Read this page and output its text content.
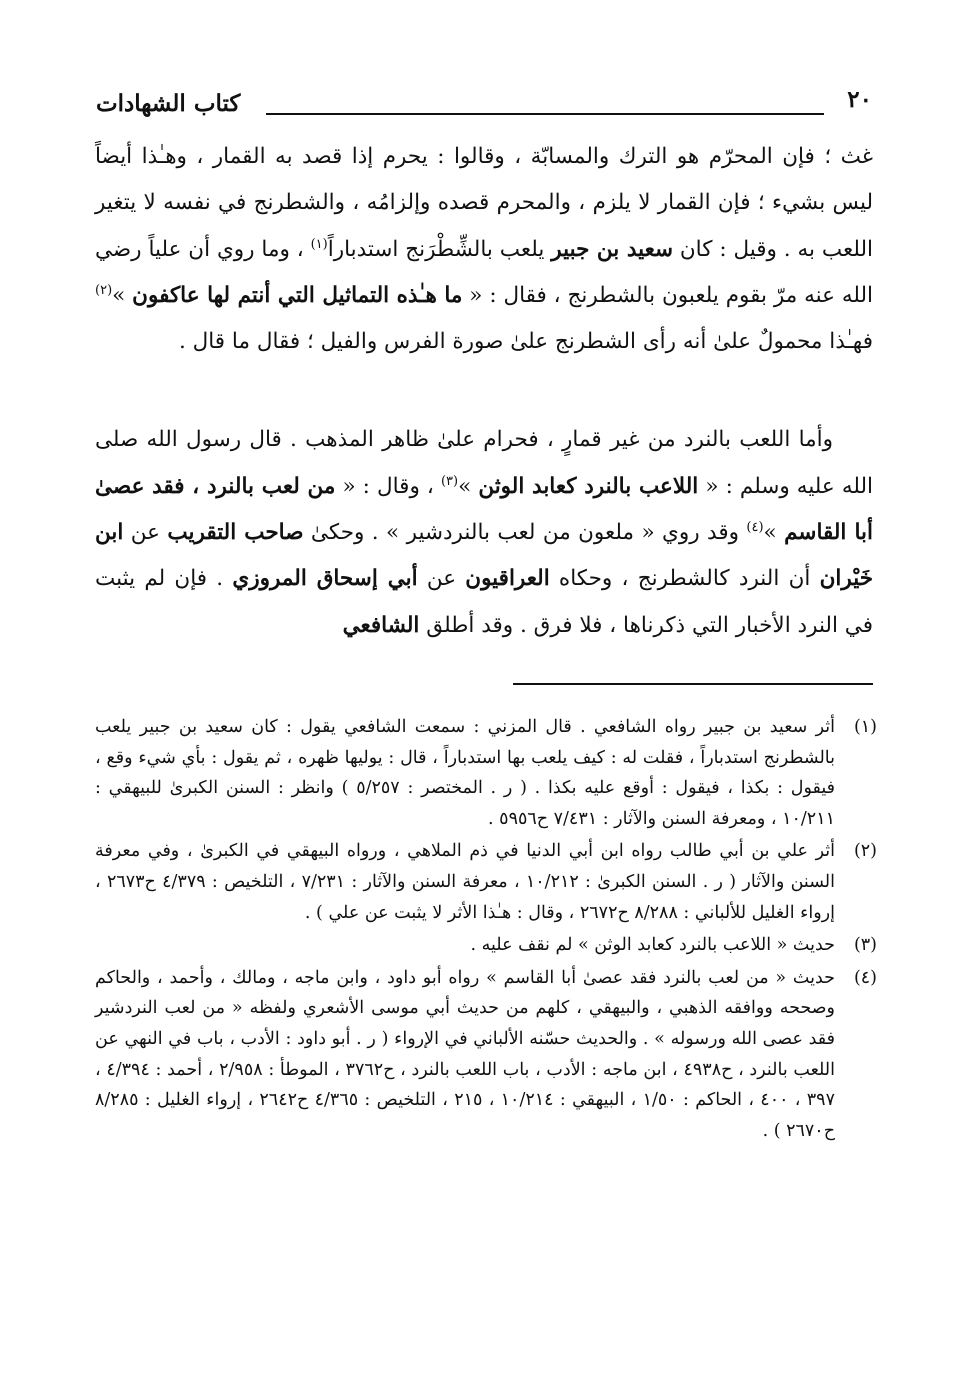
٢٠
كتاب الشهادات

غث ؛ فإن المحرّم هو الترك والمسابّة ، وقالوا : يحرم إذا قصد به القمار ، وهـٰذا أيضاً ليس بشيء ؛ فإن القمار لا يلزم ، والمحرم قصده وإلزامُه ، والشطرنج في نفسه لا يتغير اللعب به . وقيل : كان سعيد بن جبير يلعب بالشِّطْرَنج استدباراً$^{(١)}$ ، وما روي أن علياً رضي الله عنه مرّ بقوم يلعبون بالشطرنج ، فقال : « ما هـٰذه التماثيل التي أنتم لها عاكفون »$^{(٢)}$ فهـٰذا محمولٌ علىٰ أنه رأى الشطرنج علىٰ صورة الفرس والفيل ؛ فقال ما قال .

وأما اللعب بالنرد من غير قمارٍ ، فحرام علىٰ ظاهر المذهب . قال رسول الله صلى الله عليه وسلم : « اللاعب بالنرد كعابد الوثن »$^{(٣)}$ ، وقال : « من لعب بالنرد ، فقد عصىٰ أبا القاسم »$^{(٤)}$ وقد روي « ملعون من لعب بالنردشير » . وحكىٰ صاحب التقريب عن ابن خَيْران أن النرد كالشطرنج ، وحكاه العراقيون عن أبي إسحاق المروزي . فإن لم يثبت في النرد الأخبار التي ذكرناها ، فلا فرق . وقد أطلق الشافعي

(١)
أثر سعيد بن جبير رواه الشافعي . قال المزني : سمعت الشافعي يقول : كان سعيد بن جبير يلعب بالشطرنج استدباراً ، فقلت له : كيف يلعب بها استدباراً ، قال : يوليها ظهره ، ثم يقول : بأي شيء وقع ، فيقول : بكذا ، فيقول : أوقع عليه بكذا . ( ر . المختصر : ٥/٢٥٧ ) وانظر : السنن الكبرىٰ للبيهقي : ١٠/٢١١ ، ومعرفة السنن والآثار : ٧/٤٣١ ح٥٩٥٦ .
(٢)
أثر علي بن أبي طالب رواه ابن أبي الدنيا في ذم الملاهي ، ورواه البيهقي في الكبرىٰ ، وفي معرفة السنن والآثار ( ر . السنن الكبرىٰ : ١٠/٢١٢ ، معرفة السنن والآثار : ٧/٢٣١ ، التلخيص : ٤/٣٧٩ ح٢٦٧٣ ، إرواء الغليل للألباني : ٨/٢٨٨ ح٢٦٧٢ ، وقال : هـٰذا الأثر لا يثبت عن علي ) .
(٣)
حديث « اللاعب بالنرد كعابد الوثن » لم نقف عليه .
(٤)
حديث « من لعب بالنرد فقد عصىٰ أبا القاسم » رواه أبو داود ، وابن ماجه ، ومالك ، وأحمد ، والحاكم وصححه ووافقه الذهبي ، والبيهقي ، كلهم من حديث أبي موسى الأشعري ولفظه « من لعب النردشير فقد عصى الله ورسوله » . والحديث حسّنه الألباني في الإرواء ( ر . أبو داود : الأدب ، باب في النهي عن اللعب بالنرد ، ح٤٩٣٨ ، ابن ماجه : الأدب ، باب اللعب بالنرد ، ح٣٧٦٢ ، الموطأ : ٢/٩٥٨ ، أحمد : ٤/٣٩٤ ، ٣٩٧ ، ٤٠٠ ، الحاكم : ١/٥٠ ، البيهقي : ١٠/٢١٤ ، ٢١٥ ، التلخيص : ٤/٣٦٥ ح٢٦٤٢ ، إرواء الغليل : ٨/٢٨٥ ح٢٦٧٠ ) .
